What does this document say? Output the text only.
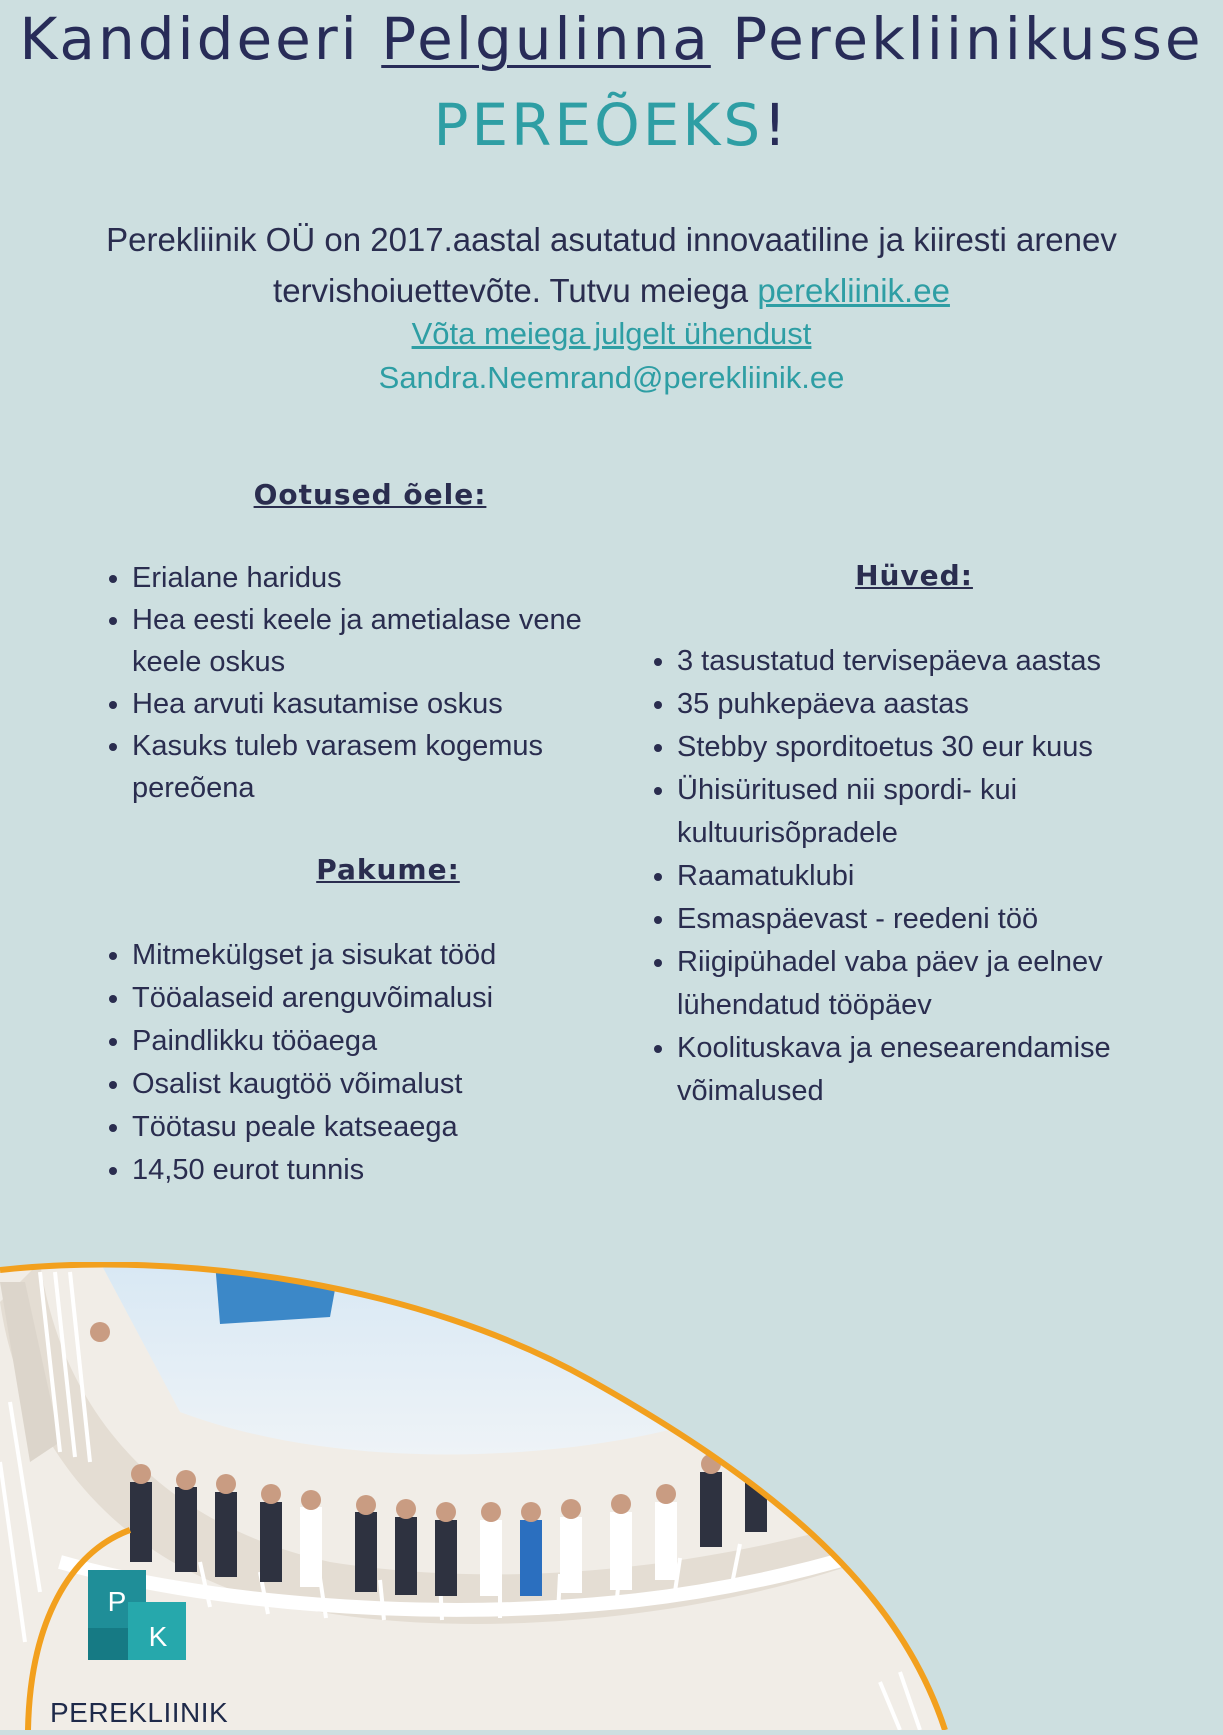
Kandideeri Pelgulinna Perekliinikusse
PEREÕEKS!
Perekliinik OÜ on 2017.aastal asutatud innovaatiline ja kiiresti arenev tervishoiuettevõte. Tutvu meiega perekliinik.ee
Võta meiega julgelt ühendust
Sandra.Neemrand@perekliinik.ee
Ootused õele:
• Erialane haridus
• Hea eesti keele ja ametialase vene keele oskus
• Hea arvuti kasutamise oskus
• Kasuks tuleb varasem kogemus pereõena
Pakume:
• Mitmekülgset ja sisukat tööd
• Tööalaseid arenguvõimalusi
• Paindlikku tööaega
• Osalist kaugtöö võimalust
• Töötasu peale katseaega
• 14,50 eurot tunnis
Hüved:
• 3 tasustatud tervisepäeva aastas
• 35 puhkepäeva aastas
• Stebby sporditoetus 30 eur kuus
• Ühisüritused nii spordi- kui kultuurisõpradele
• Raamatuklubi
• Esmaspäevast - reedeni töö
• Riigipühadel vaba päev ja eelnev lühendatud tööpäev
• Koolituskava ja enesearendamise võimalused
P
K
PEREKLIINIK
